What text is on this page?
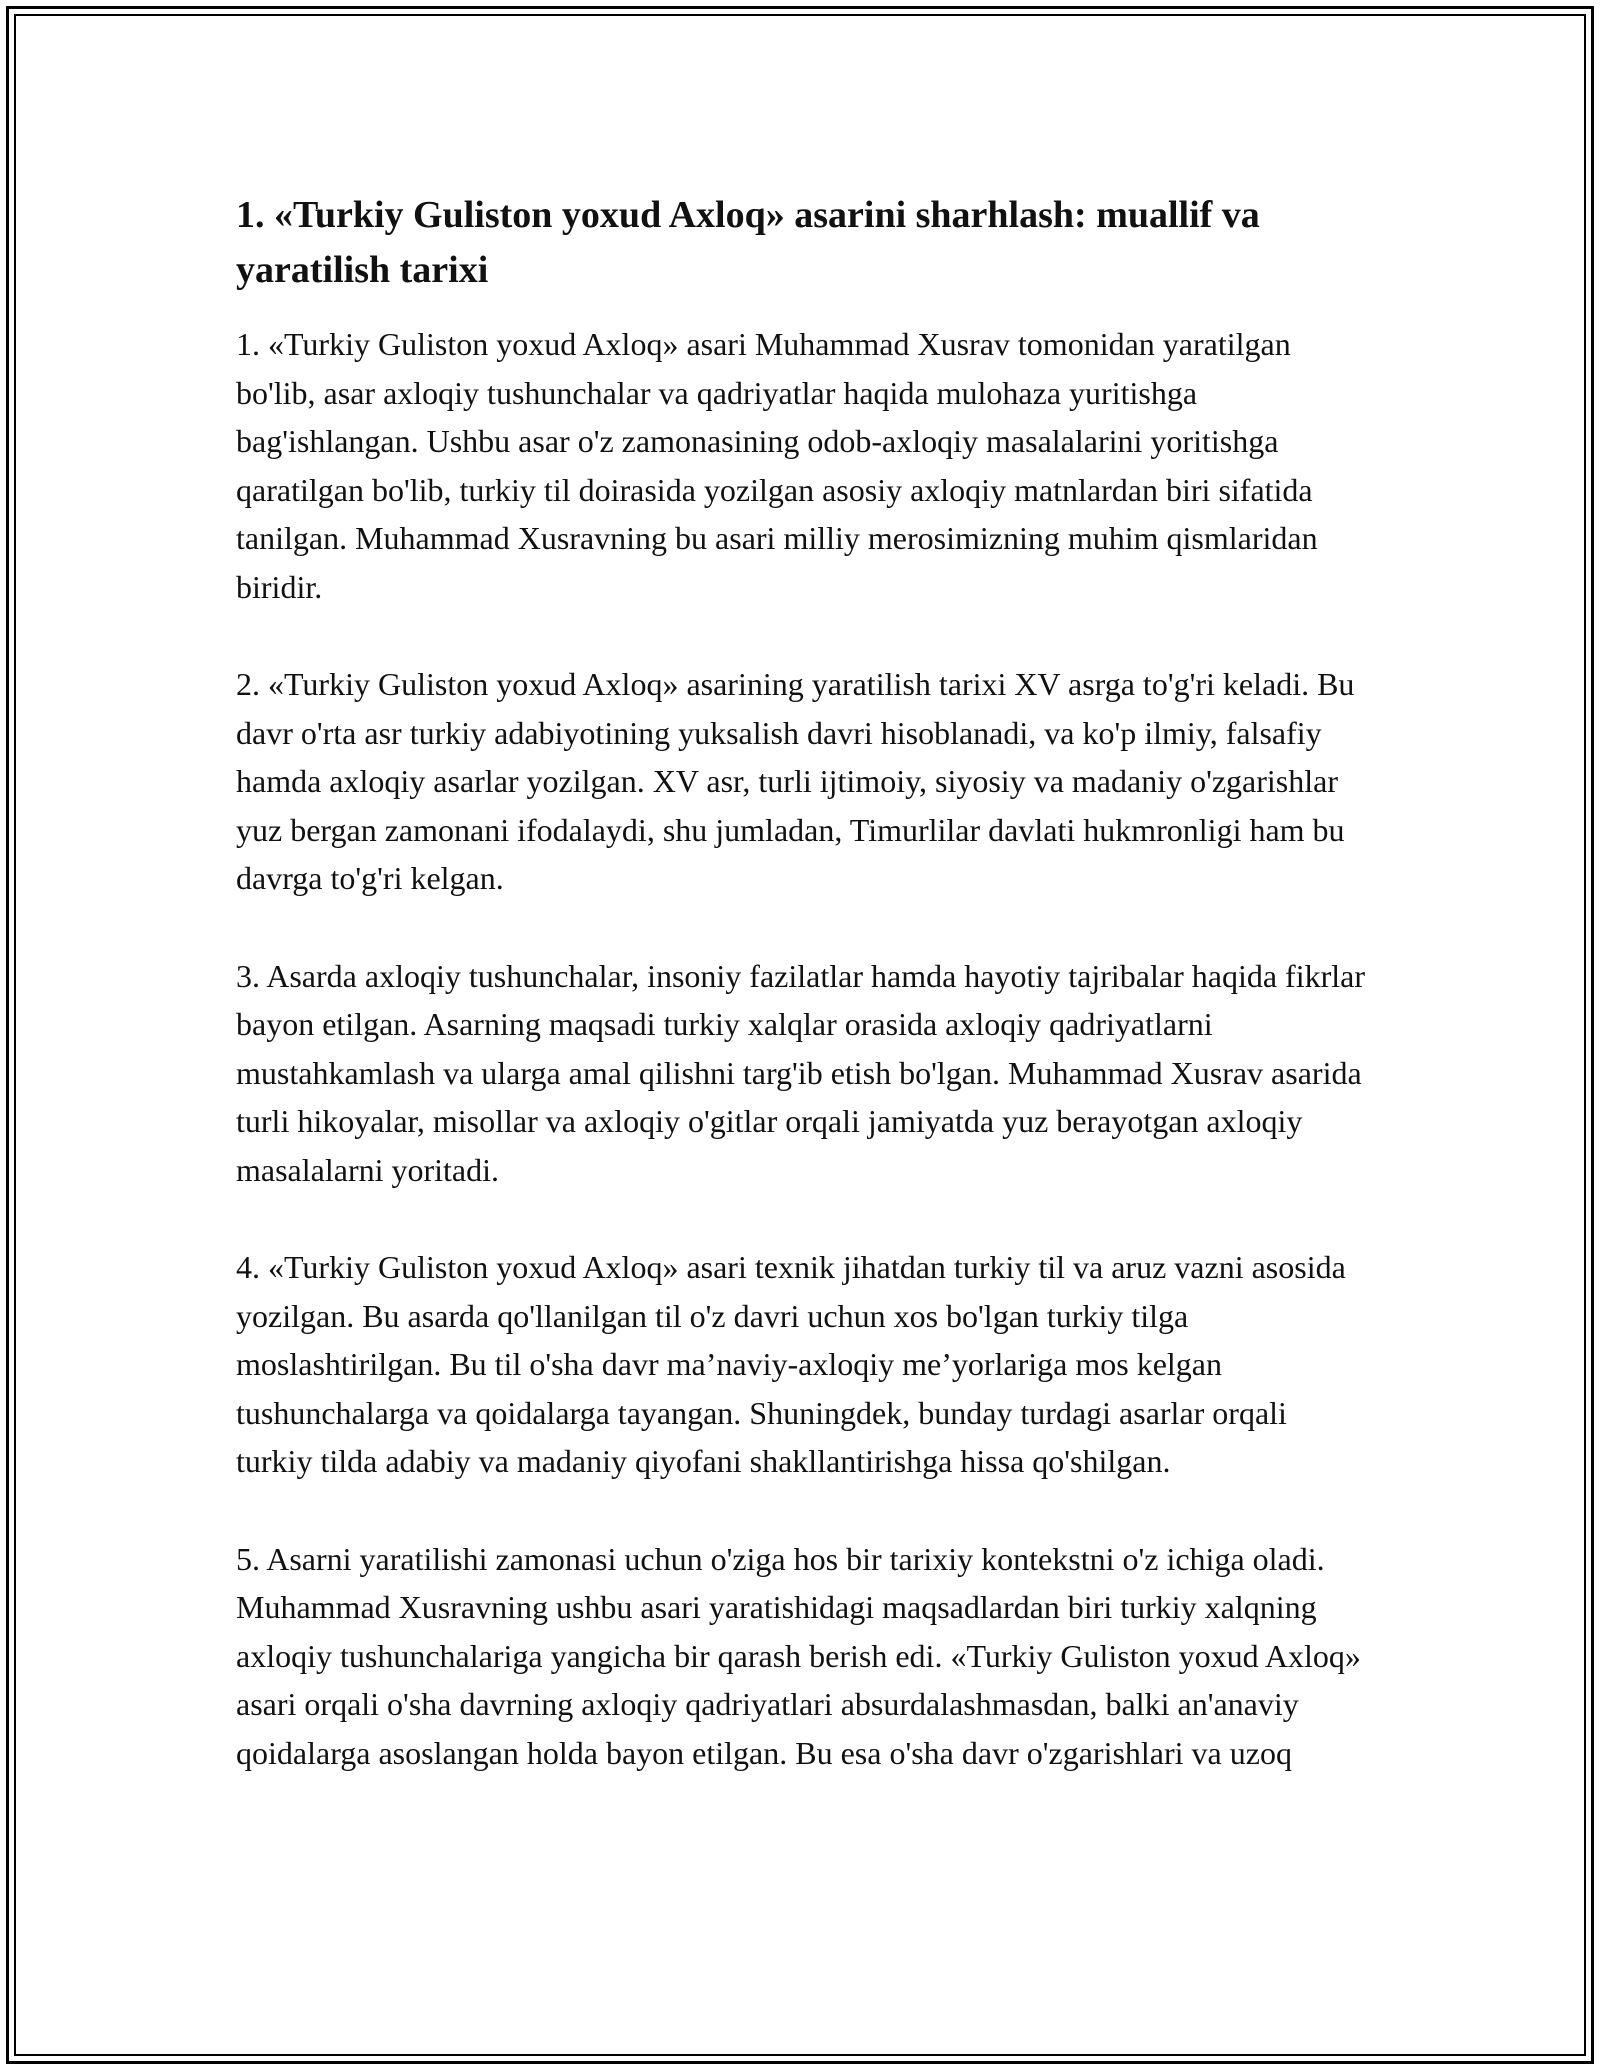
1. «Turkiy Guliston yoxud Axloq» asarini sharhlash: muallif va yaratilish tarixi

1. «Turkiy Guliston yoxud Axloq» asari Muhammad Xusrav tomonidan yaratilgan bo'lib, asar axloqiy tushunchalar va qadriyatlar haqida mulohaza yuritishga bag'ishlangan. Ushbu asar o'z zamonasining odob-axloqiy masalalarini yoritishga qaratilgan bo'lib, turkiy til doirasida yozilgan asosiy axloqiy matnlardan biri sifatida tanilgan. Muhammad Xusravning bu asari milliy merosimizning muhim qismlaridan biridir.

2. «Turkiy Guliston yoxud Axloq» asarining yaratilish tarixi XV asrga to'g'ri keladi. Bu davr o'rta asr turkiy adabiyotining yuksalish davri hisoblanadi, va ko'p ilmiy, falsafiy hamda axloqiy asarlar yozilgan. XV asr, turli ijtimoiy, siyosiy va madaniy o'zgarishlar yuz bergan zamonani ifodalaydi, shu jumladan, Timurlilar davlati hukmronligi ham bu davrga to'g'ri kelgan.

3. Asarda axloqiy tushunchalar, insoniy fazilatlar hamda hayotiy tajribalar haqida fikrlar bayon etilgan. Asarning maqsadi turkiy xalqlar orasida axloqiy qadriyatlarni mustahkamlash va ularga amal qilishni targ'ib etish bo'lgan. Muhammad Xusrav asarida turli hikoyalar, misollar va axloqiy o'gitlar orqali jamiyatda yuz berayotgan axloqiy masalalarni yoritadi.

4. «Turkiy Guliston yoxud Axloq» asari texnik jihatdan turkiy til va aruz vazni asosida yozilgan. Bu asarda qo'llanilgan til o'z davri uchun xos bo'lgan turkiy tilga moslashtirilgan. Bu til o'sha davr ma’naviy-axloqiy me’yorlariga mos kelgan tushunchalarga va qoidalarga tayangan. Shuningdek, bunday turdagi asarlar orqali turkiy tilda adabiy va madaniy qiyofani shakllantirishga hissa qo'shilgan.

5. Asarni yaratilishi zamonasi uchun o'ziga hos bir tarixiy kontekstni o'z ichiga oladi. Muhammad Xusravning ushbu asari yaratishidagi maqsadlardan biri turkiy xalqning axloqiy tushunchalariga yangicha bir qarash berish edi. «Turkiy Guliston yoxud Axloq» asari orqali o'sha davrning axloqiy qadriyatlari absurdalashmasdan, balki an'anaviy qoidalarga asoslangan holda bayon etilgan. Bu esa o'sha davr o'zgarishlari va uzoq
